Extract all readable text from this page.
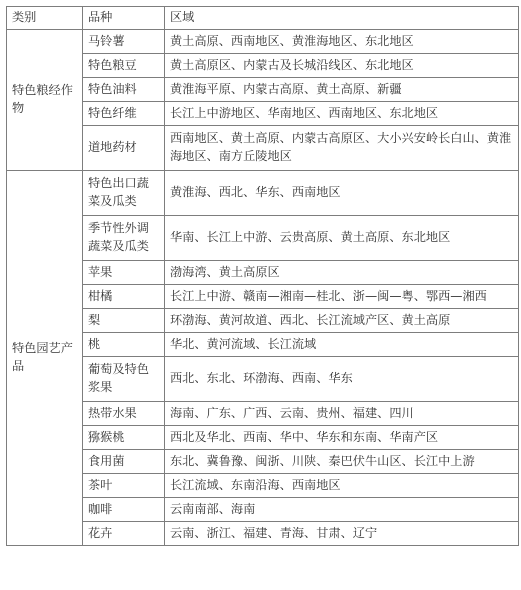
类别	品种	区域
特色粮经作物	马铃薯	黄土高原、西南地区、黄淮海地区、东北地区
	特色粮豆	黄土高原区、内蒙古及长城沿线区、东北地区
	特色油料	黄淮海平原、内蒙古高原、黄土高原、新疆
	特色纤维	长江上中游地区、华南地区、西南地区、东北地区
	道地药材	西南地区、黄土高原、内蒙古高原区、大小兴安岭长白山、黄淮海地区、南方丘陵地区
特色园艺产品	特色出口蔬菜及瓜类	黄淮海、西北、华东、西南地区
	季节性外调蔬菜及瓜类	华南、长江上中游、云贵高原、黄土高原、东北地区
	苹果	渤海湾、黄土高原区
	柑橘	长江上中游、赣南—湘南—桂北、浙—闽—粤、鄂西—湘西
	梨	环渤海、黄河故道、西北、长江流域产区、黄土高原
	桃	华北、黄河流域、长江流域
	葡萄及特色浆果	西北、东北、环渤海、西南、华东
	热带水果	海南、广东、广西、云南、贵州、福建、四川
	猕猴桃	西北及华北、西南、华中、华东和东南、华南产区
	食用菌	东北、冀鲁豫、闽浙、川陕、秦巴伏牛山区、长江中上游
	茶叶	长江流域、东南沿海、西南地区
	咖啡	云南南部、海南
	花卉	云南、浙江、福建、青海、甘肃、辽宁
